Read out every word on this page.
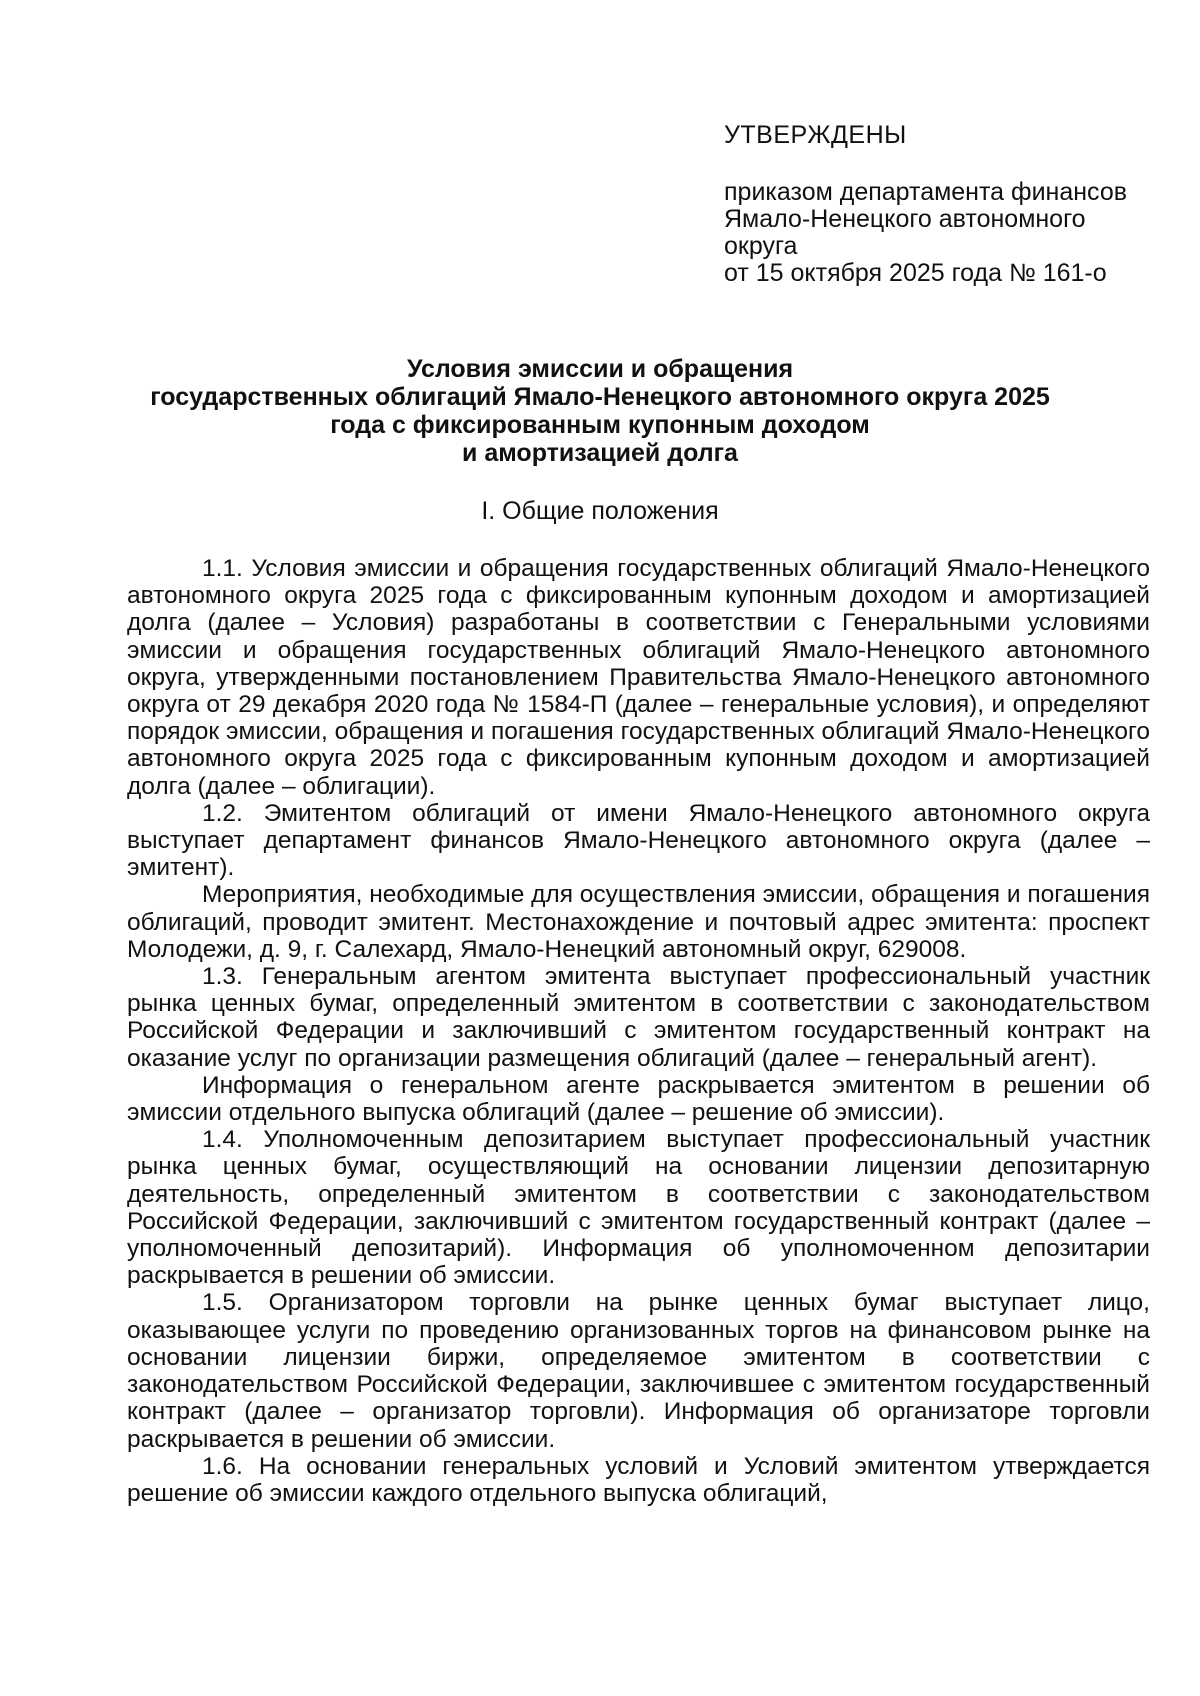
УТВЕРЖДЕНЫ

приказом департамента финансов

Ямало-Ненецкого автономного

округа

от 15 октября 2025 года № 161-о

Условия эмиссии и обращения
государственных облигаций Ямало-Ненецкого автономного округа 2025
года с фиксированным купонным доходом
и амортизацией долга
I. Общие положения

1.1. Условия эмиссии и обращения государственных облигаций Ямало-Ненецкого автономного округа 2025 года с фиксированным купонным доходом и амортизацией долга (далее – Условия) разработаны в соответствии с Генеральными условиями эмиссии и обращения государственных облигаций Ямало-Ненецкого автономного округа, утвержденными постановлением Правительства Ямало-Ненецкого автономного округа от 29 декабря 2020 года № 1584-П (далее – генеральные условия), и определяют порядок эмиссии, обращения и погашения государственных облигаций Ямало-Ненецкого автономного округа 2025 года с фиксированным купонным доходом и амортизацией долга (далее – облигации).

1.2. Эмитентом облигаций от имени Ямало-Ненецкого автономного округа выступает департамент финансов Ямало-Ненецкого автономного округа (далее – эмитент).

Мероприятия, необходимые для осуществления эмиссии, обращения и погашения облигаций, проводит эмитент. Местонахождение и почтовый адрес эмитента: проспект Молодежи, д. 9, г. Салехард, Ямало-Ненецкий автономный округ, 629008.

1.3. Генеральным агентом эмитента выступает профессиональный участник рынка ценных бумаг, определенный эмитентом в соответствии с законодательством Российской Федерации и заключивший с эмитентом государственный контракт на оказание услуг по организации размещения облигаций (далее – генеральный агент).

Информация о генеральном агенте раскрывается эмитентом в решении об эмиссии отдельного выпуска облигаций (далее – решение об эмиссии).

1.4. Уполномоченным депозитарием выступает профессиональный участник рынка ценных бумаг, осуществляющий на основании лицензии депозитарную деятельность, определенный эмитентом в соответствии с законодательством Российской Федерации, заключивший с эмитентом государственный контракт (далее – уполномоченный депозитарий). Информация об уполномоченном депозитарии раскрывается в решении об эмиссии.

1.5. Организатором торговли на рынке ценных бумаг выступает лицо, оказывающее услуги по проведению организованных торгов на финансовом рынке на основании лицензии биржи, определяемое эмитентом в соответствии с законодательством Российской Федерации, заключившее с эмитентом государственный контракт (далее – организатор торговли). Информация об организаторе торговли раскрывается в решении об эмиссии.

1.6. На основании генеральных условий и Условий эмитентом утверждается решение об эмиссии каждого отдельного выпуска облигаций,
